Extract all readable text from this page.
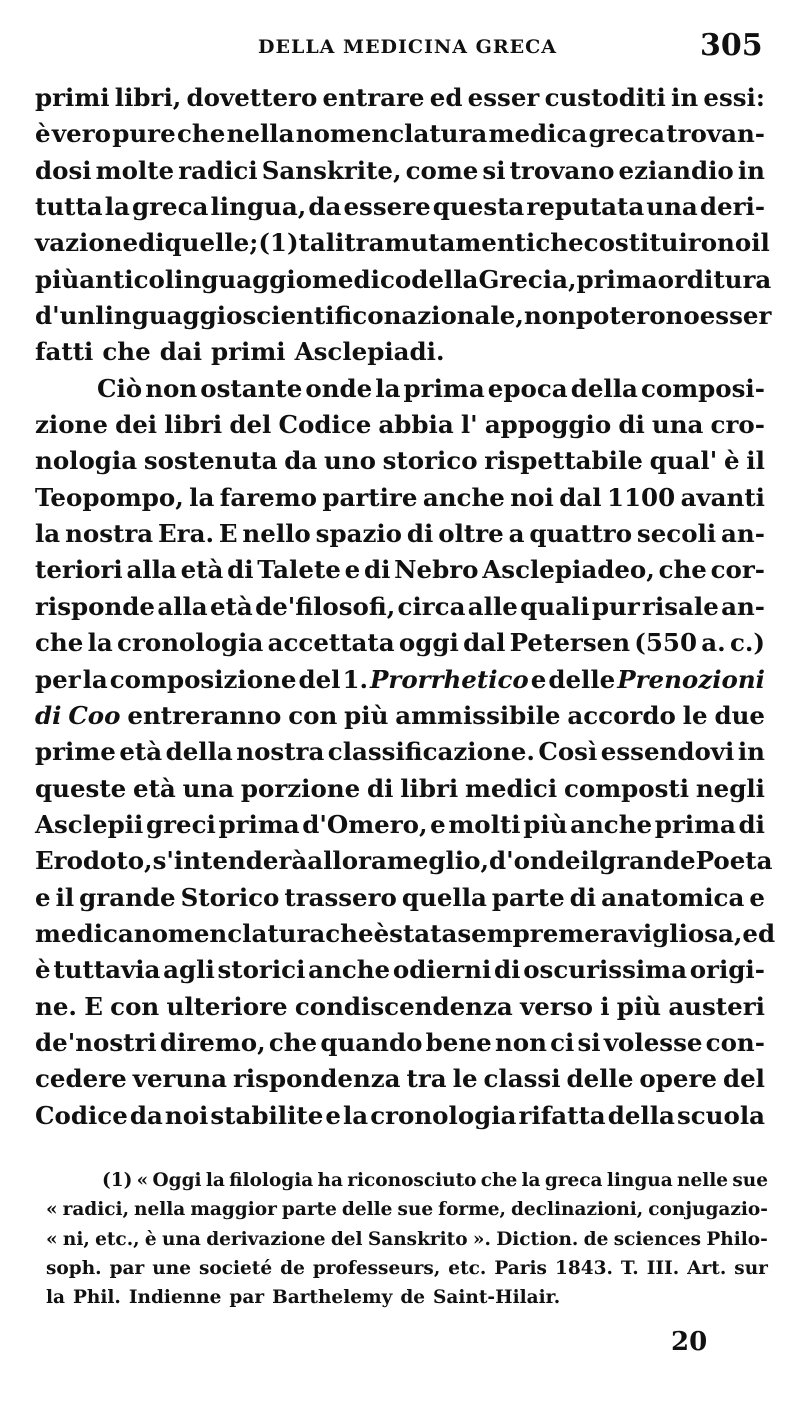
DELLA MEDICINA GRECA	305
primi libri, dovettero entrare ed esser custoditi in essi:
è vero pure che nella nomenclatura medica greca trovan-
dosi molte radici Sanskrite, come si trovano eziandio in
tutta la greca lingua, da essere questa reputata una deri-
vazione di quelle; (1) tali tramutamenti che costituirono il
più antico linguaggio medico della Grecia, prima orditura
d' un linguaggio scientifico nazionale, non poterono esser
fatti che dai primi Asclepiadi.
Ciò non ostante onde la prima epoca della composi-
zione dei libri del Codice abbia l' appoggio di una cro-
nologia sostenuta da uno storico rispettabile qual' è il
Teopompo, la faremo partire anche noi dal 1100 avanti
la nostra Era. E nello spazio di oltre a quattro secoli an-
teriori alla età di Talete e di Nebro Asclepiadeo, che cor-
risponde alla età de'filosofi, circa alle quali pur risale an-
che la cronologia accettata oggi dal Petersen (550 a. c.)
per la composizione del 1. Prorrhetico e delle Prenozioni
di Coo entreranno con più ammissibile accordo le due
prime età della nostra classificazione. Così essendovi in
queste età una porzione di libri medici composti negli
Asclepii greci prima d'Omero, e molti più anche prima di
Erodoto, s'intenderà allora meglio, d'onde il grande Poeta
e il grande Storico trassero quella parte di anatomica e
medica nomenclatura che è stata sempre meravigliosa, ed
è tuttavia agli storici anche odierni di oscurissima origi-
ne. E con ulteriore condiscendenza verso i più austeri
de'nostri diremo, che quando bene non ci si volesse con-
cedere veruna rispondenza tra le classi delle opere del
Codice da noi stabilite e la cronologia rifatta della scuola
(1) « Oggi la filologia ha riconosciuto che la greca lingua nelle sue
« radici, nella maggior parte delle sue forme, declinazioni, conjugazio-
« ni, etc., è una derivazione del Sanskrito ». Diction. de sciences Philo-
soph. par une societé de professeurs, etc. Paris 1843. T. III. Art. sur
la Phil. Indienne par Barthelemy de Saint-Hilair.
20
